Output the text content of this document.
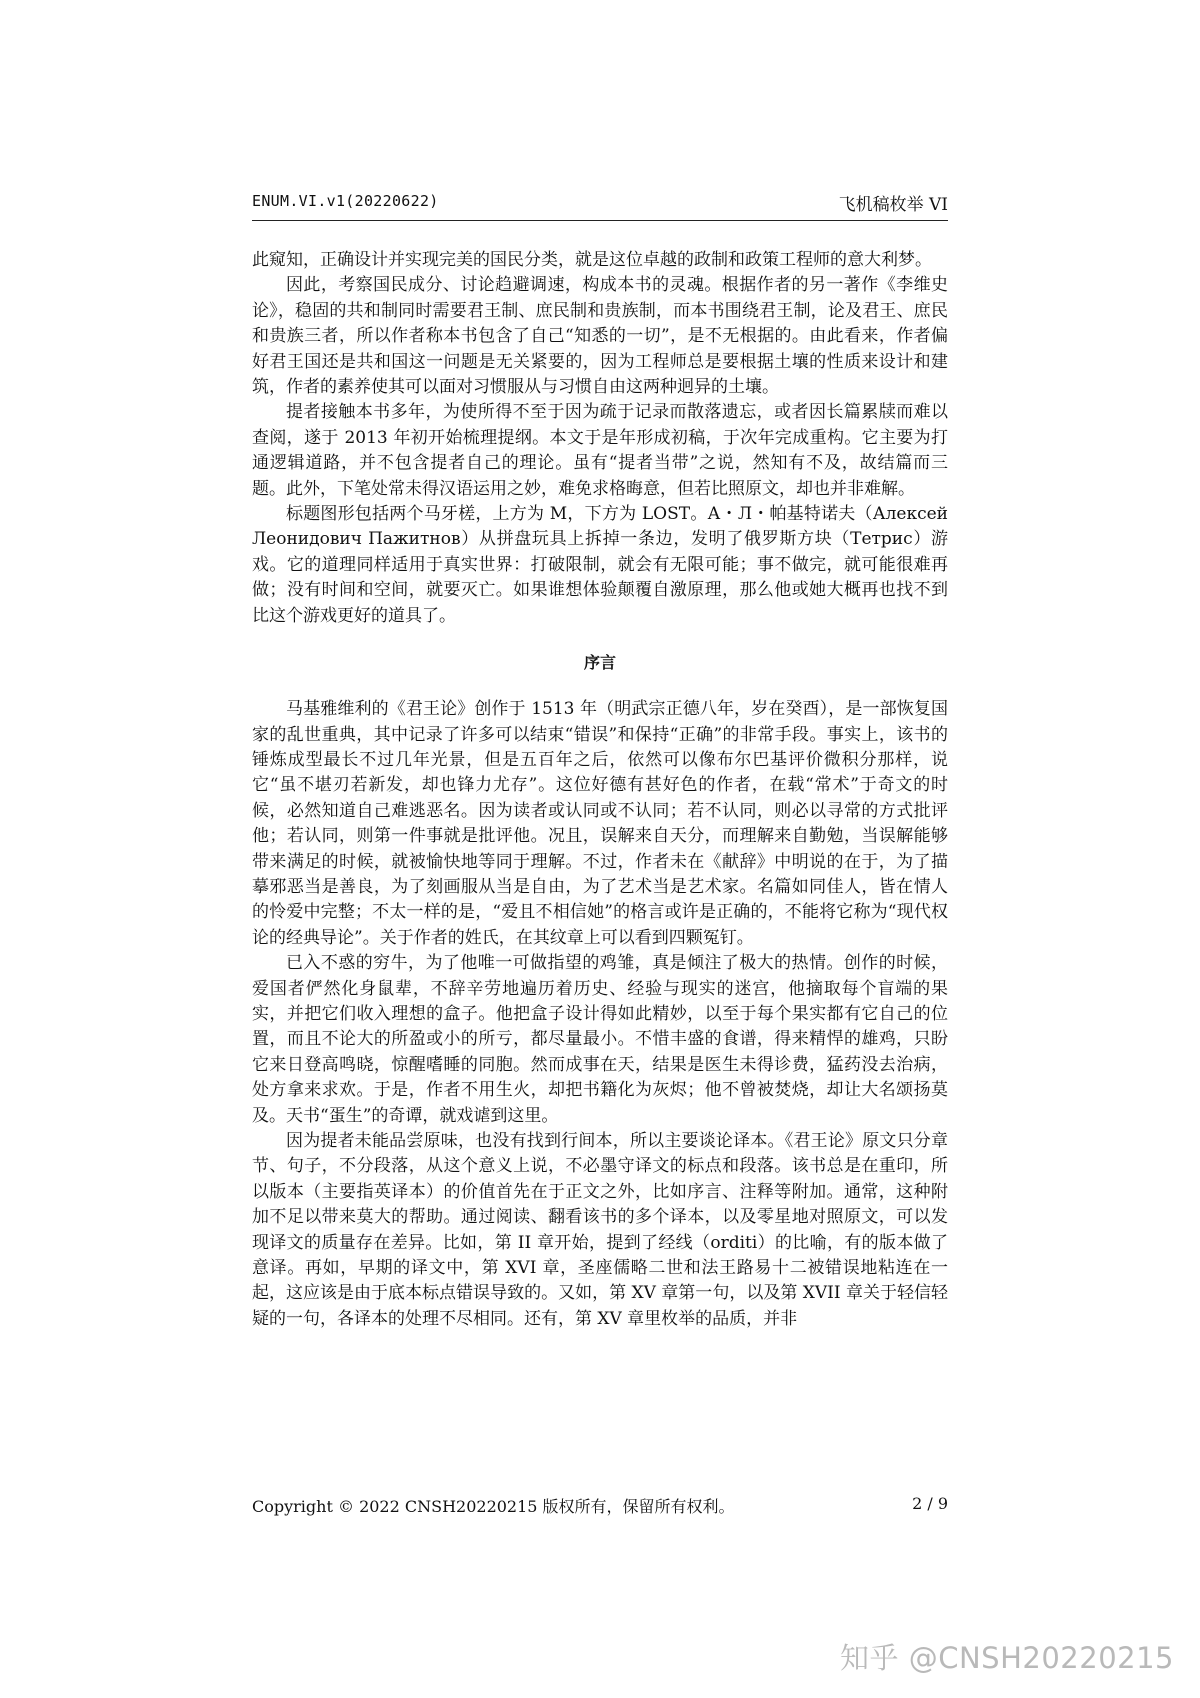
ENUM.VI.v1(20220622)	飞机稿枚举 VI

此窥知，正确设计并实现完美的国民分类，就是这位卓越的政制和政策工程师的意大利梦。

因此，考察国民成分、讨论趋避调速，构成本书的灵魂。根据作者的另一著作《李维史论》，稳固的共和制同时需要君王制、庶民制和贵族制，而本书围绕君王制，论及君王、庶民和贵族三者，所以作者称本书包含了自己“知悉的一切”，是不无根据的。由此看来，作者偏好君王国还是共和国这一问题是无关紧要的，因为工程师总是要根据土壤的性质来设计和建筑，作者的素养使其可以面对习惯服从与习惯自由这两种迥异的土壤。

提者接触本书多年，为使所得不至于因为疏于记录而散落遗忘，或者因长篇累牍而难以查阅，遂于 2013 年初开始梳理提纲。本文于是年形成初稿，于次年完成重构。它主要为打通逻辑道路，并不包含提者自己的理论。虽有“提者当带”之说，然知有不及，故结篇而三题。此外，下笔处常未得汉语运用之妙，难免求格晦意，但若比照原文，却也并非难解。

标题图形包括两个马牙槎，上方为 M，下方为 LOST。А・Л・帕基特诺夫（Алексей Леонидович Пажитнов）从拼盘玩具上拆掉一条边，发明了俄罗斯方块（Тетрис）游戏。它的道理同样适用于真实世界：打破限制，就会有无限可能；事不做完，就可能很难再做；没有时间和空间，就要灭亡。如果谁想体验颠覆自激原理，那么他或她大概再也找不到比这个游戏更好的道具了。

序言

马基雅维利的《君王论》创作于 1513 年（明武宗正德八年，岁在癸酉），是一部恢复国家的乱世重典，其中记录了许多可以结束“错误”和保持“正确”的非常手段。事实上，该书的锤炼成型最长不过几年光景，但是五百年之后，依然可以像布尔巴基评价微积分那样，说它“虽不堪刃若新发，却也锋力尤存”。这位好德有甚好色的作者，在载“常术”于奇文的时候，必然知道自己难逃恶名。因为读者或认同或不认同；若不认同，则必以寻常的方式批评他；若认同，则第一件事就是批评他。况且，误解来自天分，而理解来自勤勉，当误解能够带来满足的时候，就被愉快地等同于理解。不过，作者未在《献辞》中明说的在于，为了描摹邪恶当是善良，为了刻画服从当是自由，为了艺术当是艺术家。名篇如同佳人，皆在情人的怜爱中完整；不太一样的是，“爱且不相信她”的格言或许是正确的，不能将它称为“现代权论的经典导论”。关于作者的姓氏，在其纹章上可以看到四颗冤钉。

已入不惑的穷牛，为了他唯一可做指望的鸡雏，真是倾注了极大的热情。创作的时候，爱国者俨然化身鼠辈，不辞辛劳地遍历着历史、经验与现实的迷宫，他摘取每个盲端的果实，并把它们收入理想的盒子。他把盒子设计得如此精妙，以至于每个果实都有它自己的位置，而且不论大的所盈或小的所亏，都尽量最小。不惜丰盛的食谱，得来精悍的雄鸡，只盼它来日登高鸣晓，惊醒嗜睡的同胞。然而成事在天，结果是医生未得诊费，猛药没去治病，处方拿来求欢。于是，作者不用生火，却把书籍化为灰烬；他不曾被焚烧，却让大名颂扬莫及。天书“蛋生”的奇谭，就戏谑到这里。

因为提者未能品尝原味，也没有找到行间本，所以主要谈论译本。《君王论》原文只分章节、句子，不分段落，从这个意义上说，不必墨守译文的标点和段落。该书总是在重印，所以版本（主要指英译本）的价值首先在于正文之外，比如序言、注释等附加。通常，这种附加不足以带来莫大的帮助。通过阅读、翻看该书的多个译本，以及零星地对照原文，可以发现译文的质量存在差异。比如，第 II 章开始，提到了经线（orditi）的比喻，有的版本做了意译。再如，早期的译文中，第 XVI 章，圣座儒略二世和法王路易十二被错误地粘连在一起，这应该是由于底本标点错误导致的。又如，第 XV 章第一句，以及第 XVII 章关于轻信轻疑的一句，各译本的处理不尽相同。还有，第 XV 章里枚举的品质，并非

Copyright © 2022 CNSH20220215 版权所有，保留所有权利。	2 / 9
知乎 @CNSH20220215
